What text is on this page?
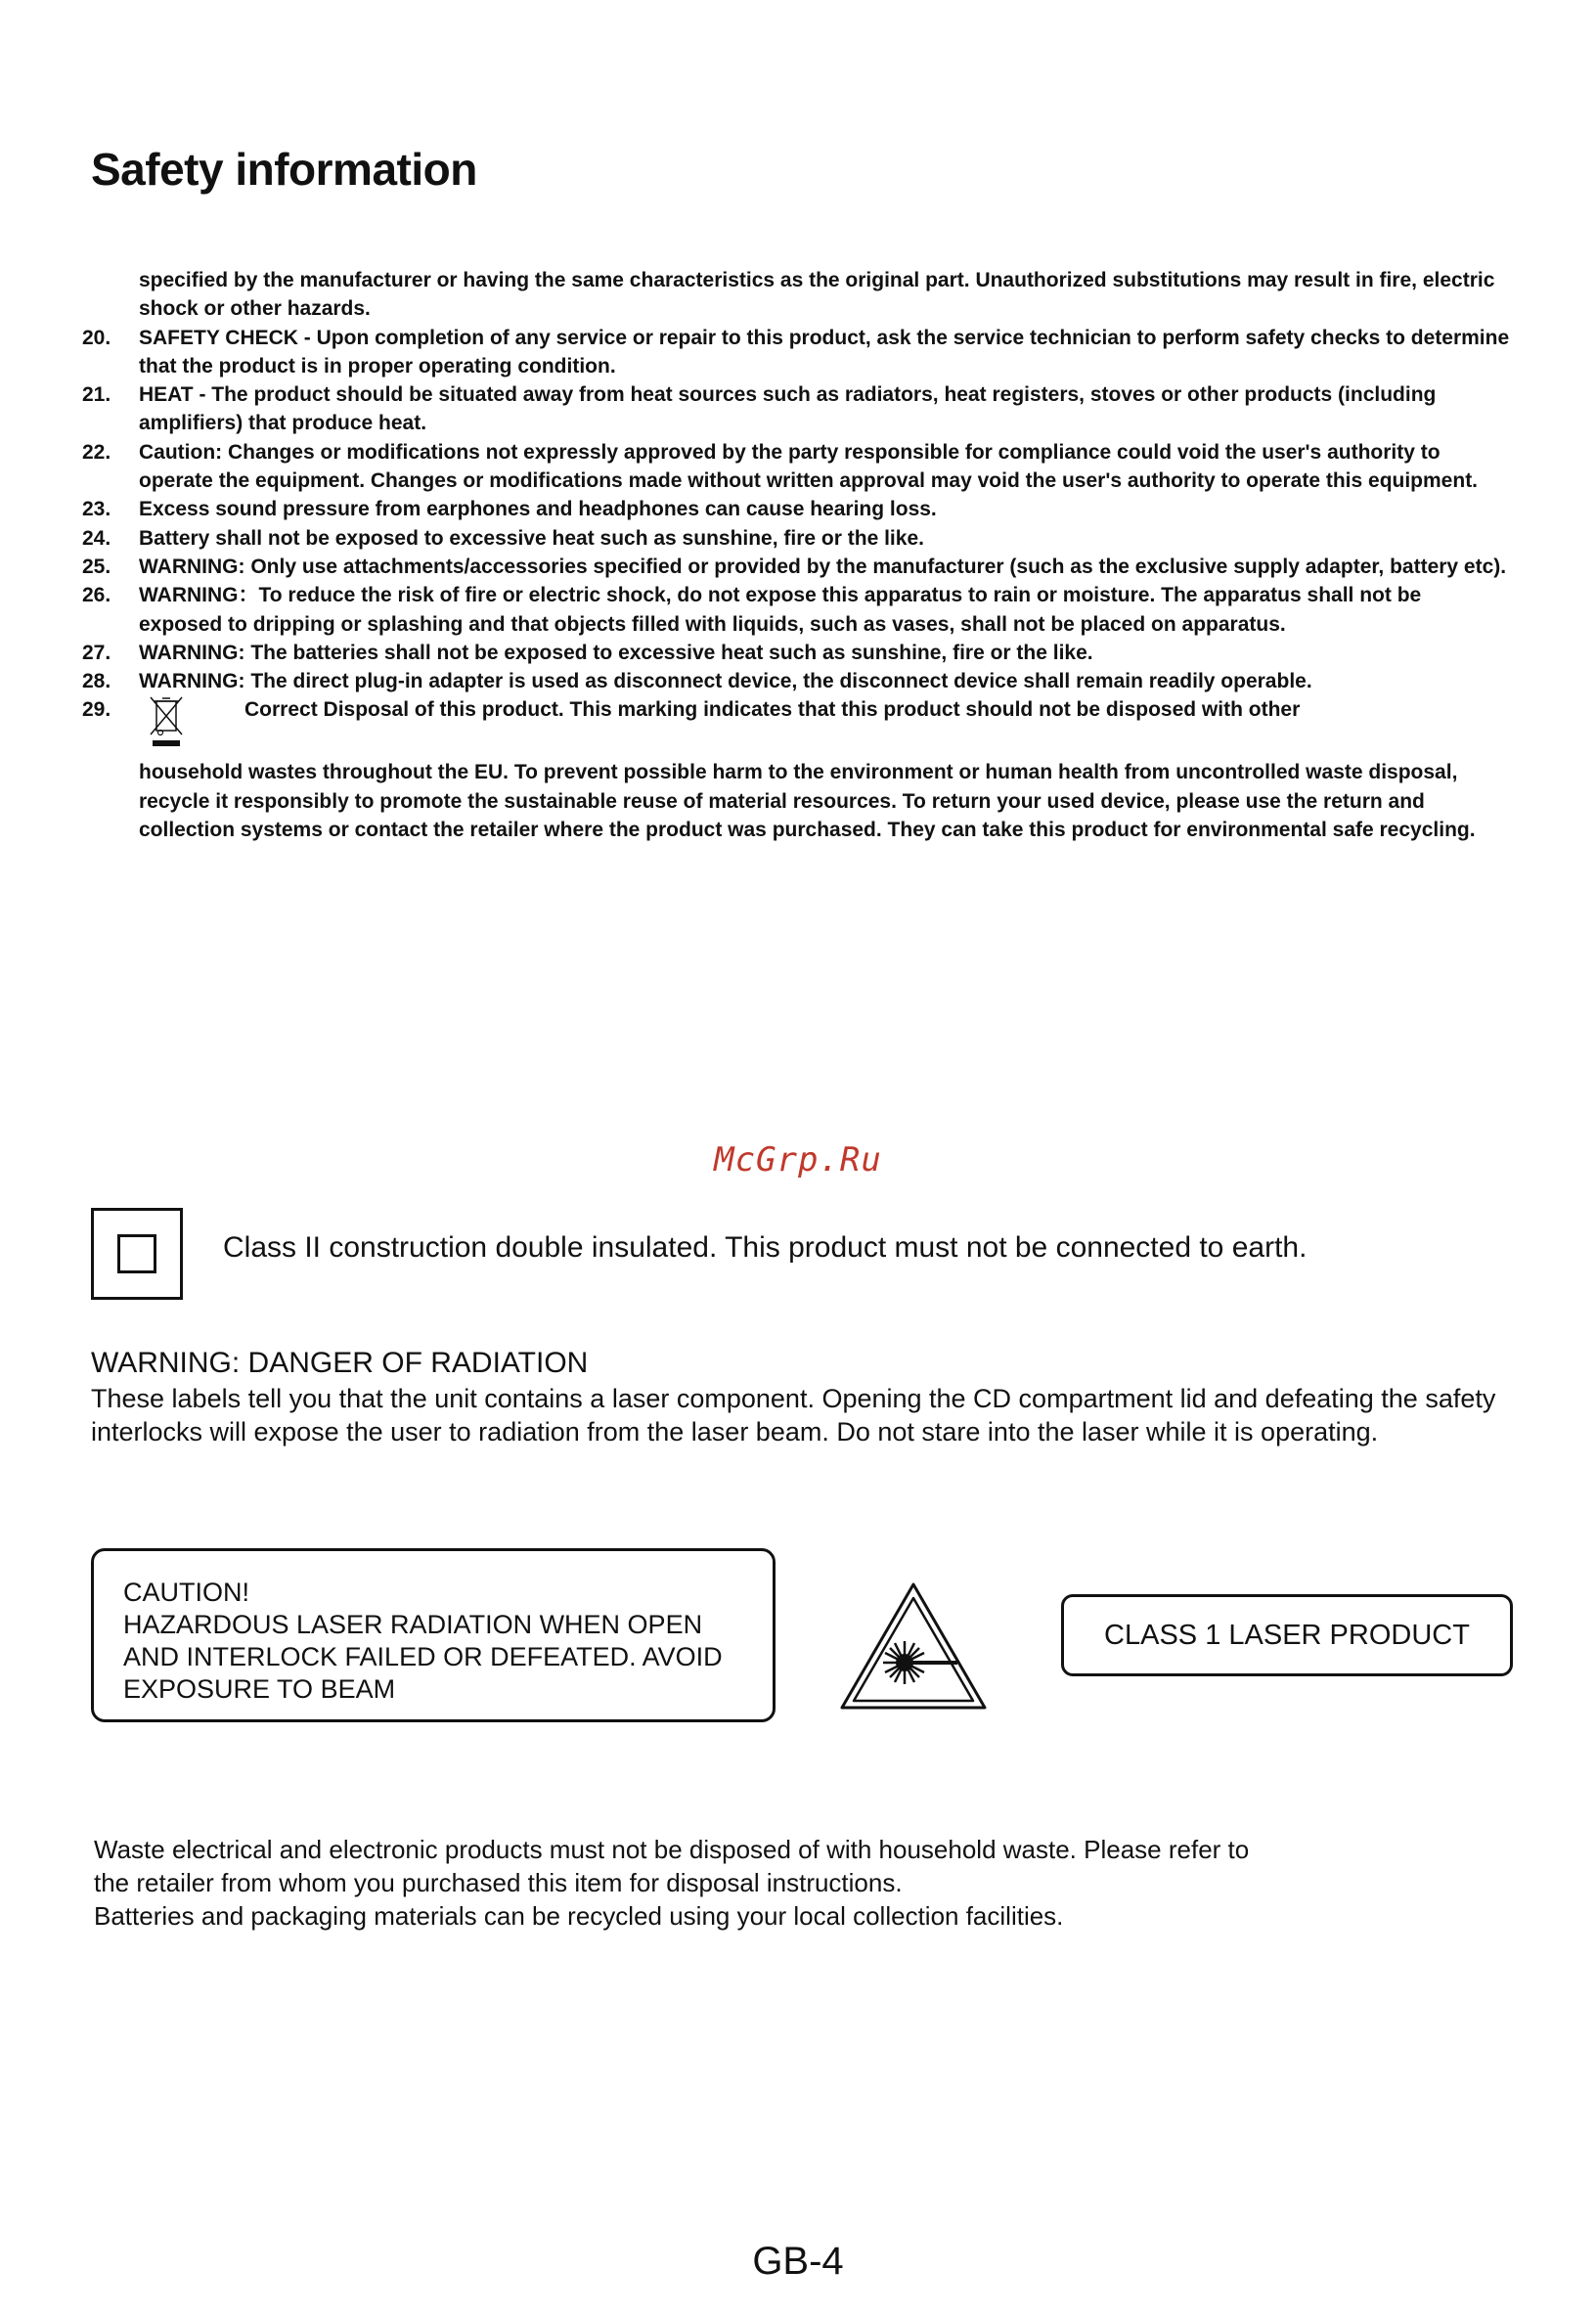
Safety information
specified by the manufacturer or having the same characteristics as the original part. Unauthorized substitutions may result in fire, electric shock or other hazards.
20.	SAFETY CHECK - Upon completion of any service or repair to this product, ask the service technician to perform safety checks to determine that the product is in proper operating condition.
21.	HEAT - The product should be situated away from heat sources such as radiators, heat registers, stoves or other products (including amplifiers) that produce heat.
22.	Caution: Changes or modifications not expressly approved by the party responsible for compliance could void the user's authority to operate the equipment. Changes or modifications made without written approval may void the user's authority to operate this equipment.
23.	Excess sound pressure from earphones and headphones can cause hearing loss.
24.	Battery shall not be exposed to excessive heat such as sunshine, fire or the like.
25.	WARNING: Only use attachments/accessories specified or provided by the manufacturer (such as the exclusive supply adapter, battery etc).
26.	WARNING：To reduce the risk of fire or electric shock, do not expose this apparatus to rain or moisture. The apparatus shall not be exposed to dripping or splashing and that objects filled with liquids, such as vases, shall not be placed on apparatus.
27.	WARNING: The batteries shall not be exposed to excessive heat such as sunshine, fire or the like.
28.	WARNING: The direct plug-in adapter is used as disconnect device, the disconnect device shall remain readily operable.
29.	Correct Disposal of this product. This marking indicates that this product should not be disposed with other
household wastes throughout the EU. To prevent possible harm to the environment or human health from uncontrolled waste disposal, recycle it responsibly to promote the sustainable reuse of material resources. To return your used device, please use the return and collection systems or contact the retailer where the product was purchased. They can take this product for environmental safe recycling.
McGrp.Ru
Class II construction double insulated. This product must not be connected to earth.
WARNING: DANGER OF RADIATION
These labels tell you that the unit contains a laser component. Opening the CD compartment lid and defeating the safety interlocks will expose the user to radiation from the laser beam. Do not stare into the laser while it is operating.
CAUTION!
HAZARDOUS LASER RADIATION WHEN OPEN
AND INTERLOCK FAILED OR DEFEATED. AVOID
EXPOSURE TO BEAM
CLASS 1 LASER PRODUCT
Waste electrical and electronic products must not be disposed of with household waste. Please refer to
the retailer from whom you purchased this item for disposal instructions.
Batteries and packaging materials can be recycled using your local collection facilities.
GB-4
